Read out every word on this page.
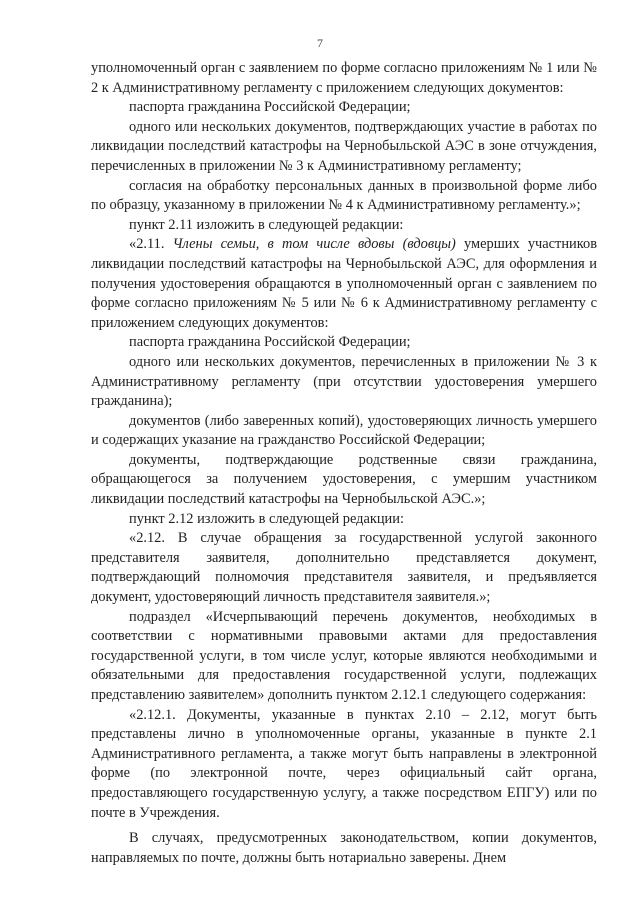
7

уполномоченный орган с заявлением по форме согласно приложениям № 1 или № 2 к Административному регламенту с приложением следующих документов:

паспорта гражданина Российской Федерации;

одного или нескольких документов, подтверждающих участие в работах по ликвидации последствий катастрофы на Чернобыльской АЭС в зоне отчуждения, перечисленных в приложении № 3 к Административному регламенту;

согласия на обработку персональных данных в произвольной форме либо по образцу, указанному в приложении № 4 к Административному регламенту.»;

пункт 2.11 изложить в следующей редакции:

«2.11. Члены семьи, в том числе вдовы (вдовцы) умерших участников ликвидации последствий катастрофы на Чернобыльской АЭС, для оформления и получения удостоверения обращаются в уполномоченный орган с заявлением по форме согласно приложениям № 5 или № 6 к Административному регламенту с приложением следующих документов:

паспорта гражданина Российской Федерации;

одного или нескольких документов, перечисленных в приложении № 3 к Административному регламенту (при отсутствии удостоверения умершего гражданина);

документов (либо заверенных копий), удостоверяющих личность умершего и содержащих указание на гражданство Российской Федерации;

документы, подтверждающие родственные связи гражданина, обращающегося за получением удостоверения, с умершим участником ликвидации последствий катастрофы на Чернобыльской АЭС.»;

пункт 2.12 изложить в следующей редакции:

«2.12. В случае обращения за государственной услугой законного представителя заявителя, дополнительно представляется документ, подтверждающий полномочия представителя заявителя, и предъявляется документ, удостоверяющий личность представителя заявителя.»;

подраздел «Исчерпывающий перечень документов, необходимых в соответствии с нормативными правовыми актами для предоставления государственной услуги, в том числе услуг, которые являются необходимыми и обязательными для предоставления государственной услуги, подлежащих представлению заявителем» дополнить пунктом 2.12.1 следующего содержания:

«2.12.1. Документы, указанные в пунктах 2.10 – 2.12, могут быть представлены лично в уполномоченные органы, указанные в пункте 2.1 Административного регламента, а также могут быть направлены в электронной форме (по электронной почте, через официальный сайт органа, предоставляющего государственную услугу, а также посредством ЕПГУ) или по почте в Учреждения.

В случаях, предусмотренных законодательством, копии документов, направляемых по почте, должны быть нотариально заверены. Днем
